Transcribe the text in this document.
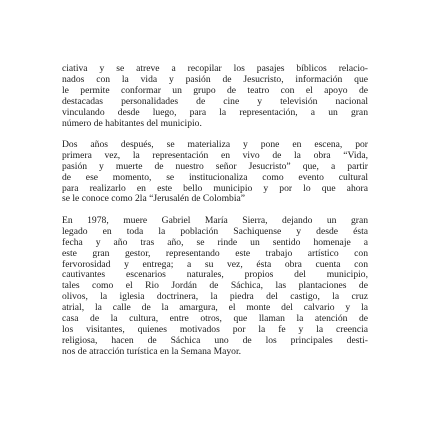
ciativa y se atreve a recopilar los pasajes bíblicos relacio-
nados con la vida y pasión de Jesucristo, información que
le permite conformar un grupo de teatro con el apoyo de
destacadas personalidades de cine y televisión nacional
vinculando desde luego, para la representación, a un gran
número de habitantes del municipio.
Dos años después, se materializa y pone en escena, por
primera vez, la representación en vivo de la obra “Vida,
pasión y muerte de nuestro señor Jesucristo” que, a partir
de ese momento, se institucionaliza como evento cultural
para realizarlo en este bello municipio y por lo que ahora
se le conoce como 2la “Jerusalén de Colombia”
En 1978, muere Gabriel María Sierra, dejando un gran
legado en toda la población Sachiquense y desde ésta
fecha y año tras año, se rinde un sentido homenaje a
este gran gestor, representando este trabajo artístico con
fervorosidad y entrega; a su vez, ésta obra cuenta con
cautivantes escenarios naturales, propios del municipio,
tales como el Rio Jordán de Sáchica, las plantaciones de
olivos, la iglesia doctrinera, la piedra del castigo, la cruz
atrial, la calle de la amargura, el monte del calvario y la
casa de la cultura, entre otros, que llaman la atención de
los visitantes, quienes motivados por la fe y la creencia
religiosa, hacen de Sáchica uno de los principales desti-
nos de atracción turística en la Semana Mayor.
